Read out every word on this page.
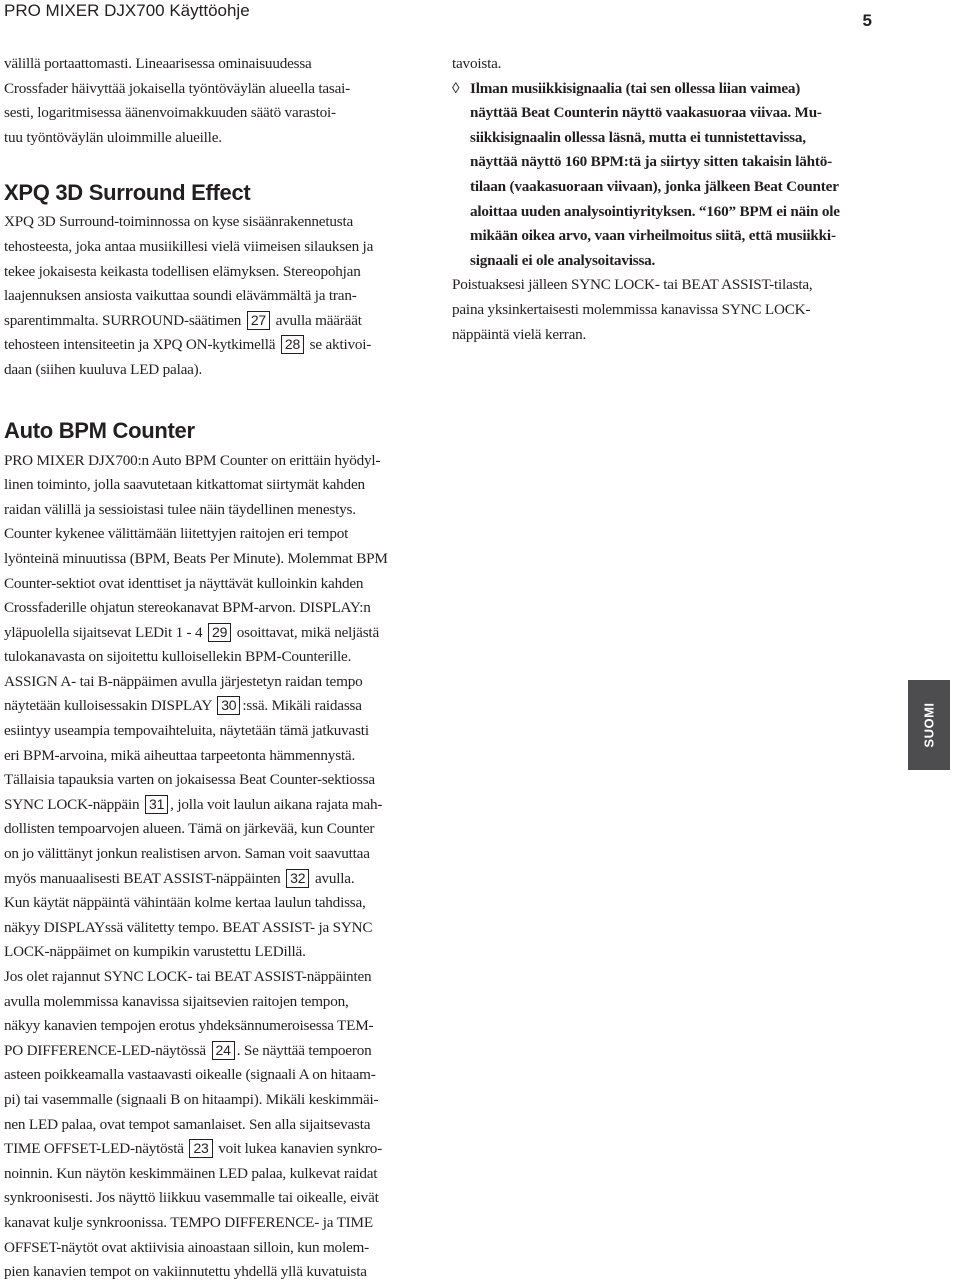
PRO MIXER DJX700 Käyttöohje
5
välillä portaattomasti. Lineaarisessa ominaisuudessa
Crossfader häivyttää jokaisella työntöväylän alueella tasai-
sesti, logaritmisessa äänenvoimakkuuden säätö varastoi-
tuu työntöväylän uloimmille alueille.
XPQ 3D Surround Effect
XPQ 3D Surround-toiminnossa on kyse sisäänrakennetusta
tehosteesta, joka antaa musiikillesi vielä viimeisen silauksen ja
tekee jokaisesta keikasta todellisen elämyksen. Stereopohjan
laajennuksen ansiosta vaikuttaa soundi elävämmältä ja tran-
sparentimmalta. SURROUND-säätimen 27 avulla määräät
tehosteen intensiteetin ja XPQ ON-kytkimellä 28 se aktivoi-
daan (siihen kuuluva LED palaa).
Auto BPM Counter
PRO MIXER DJX700:n Auto BPM Counter on erittäin hyödyl-
linen toiminto, jolla saavutetaan kitkattomat siirtymät kahden
raidan välillä ja sessioistasi tulee näin täydellinen menestys.
Counter kykenee välittämään liitettyjen raitojen eri tempot
lyönteinä minuutissa (BPM, Beats Per Minute). Molemmat BPM
Counter-sektiot ovat identtiset ja näyttävät kulloinkin kahden
Crossfaderille ohjatun stereokanavat BPM-arvon. DISPLAY:n
yläpuolella sijaitsevat LEDit 1 - 4 29 osoittavat, mikä neljästä
tulokanavasta on sijoitettu kulloisellekin BPM-Counterille.
ASSIGN A- tai B-näppäimen avulla järjestetyn raidan tempo
näytetään kulloisessakin DISPLAY 30 :ssä. Mikäli raidassa
esiintyy useampia tempovaihteluita, näytetään tämä jatkuvasti
eri BPM-arvoina, mikä aiheuttaa tarpeetonta hämmennystä.
Tällaisia tapauksia varten on jokaisessa Beat Counter-sektiossa
SYNC LOCK-näppäin 31 , jolla voit laulun aikana rajata mah-
dollisten tempoarvojen alueen. Tämä on järkevää, kun Counter
on jo välittänyt jonkun realistisen arvon. Saman voit saavuttaa
myös manuaalisesti BEAT ASSIST-näppäinten 32 avulla.
Kun käytät näppäintä vähintään kolme kertaa laulun tahdissa,
näkyy DISPLAYssä välitetty tempo. BEAT ASSIST- ja SYNC
LOCK-näppäimet on kumpikin varustettu LEDillä.
Jos olet rajannut SYNC LOCK- tai BEAT ASSIST-näppäinten
avulla molemmissa kanavissa sijaitsevien raitojen tempon,
näkyy kanavien tempojen erotus yhdeksännumeroisessa TEM-
PO DIFFERENCE-LED-näytössä 24 . Se näyttää tempoeron
asteen poikkeamalla vastaavasti oikealle (signaali A on hitaam-
pi) tai vasemmalle (signaali B on hitaampi). Mikäli keskimmäi-
nen LED palaa, ovat tempot samanlaiset. Sen alla sijaitsevasta
TIME OFFSET-LED-näytöstä 23 voit lukea kanavien synkro-
noinnin. Kun näytön keskimmäinen LED palaa, kulkevat raidat
synkroonisesti. Jos näyttö liikkuu vasemmalle tai oikealle, eivät
kanavat kulje synkroonissa. TEMPO DIFFERENCE- ja TIME
OFFSET-näytöt ovat aktiivisia ainoastaan silloin, kun molem-
pien kanavien tempot on vakiinnutettu yhdellä yllä kuvatuista
tavoista.
◊ Ilman musiikkisignaalia (tai sen ollessa liian vaimea)
näyttää Beat Counterin näyttö vaakasuoraa viivaa. Mu-
siikkisignaalin ollessa läsnä, mutta ei tunnistettavissa,
näyttää näyttö 160 BPM:tä ja siirtyy sitten takaisin lähtö-
tilaan (vaakasuoraan viivaan), jonka jälkeen Beat Counter
aloittaa uuden analysointiyrityksen. “160” BPM ei näin ole
mikään oikea arvo, vaan virheilmoitus siitä, että musiikki-
signaali ei ole analysoitavissa.
Poistuaksesi jälleen SYNC LOCK- tai BEAT ASSIST-tilasta,
paina yksinkertaisesti molemmissa kanavissa SYNC LOCK-
näppäintä vielä kerran.
SUOMI
